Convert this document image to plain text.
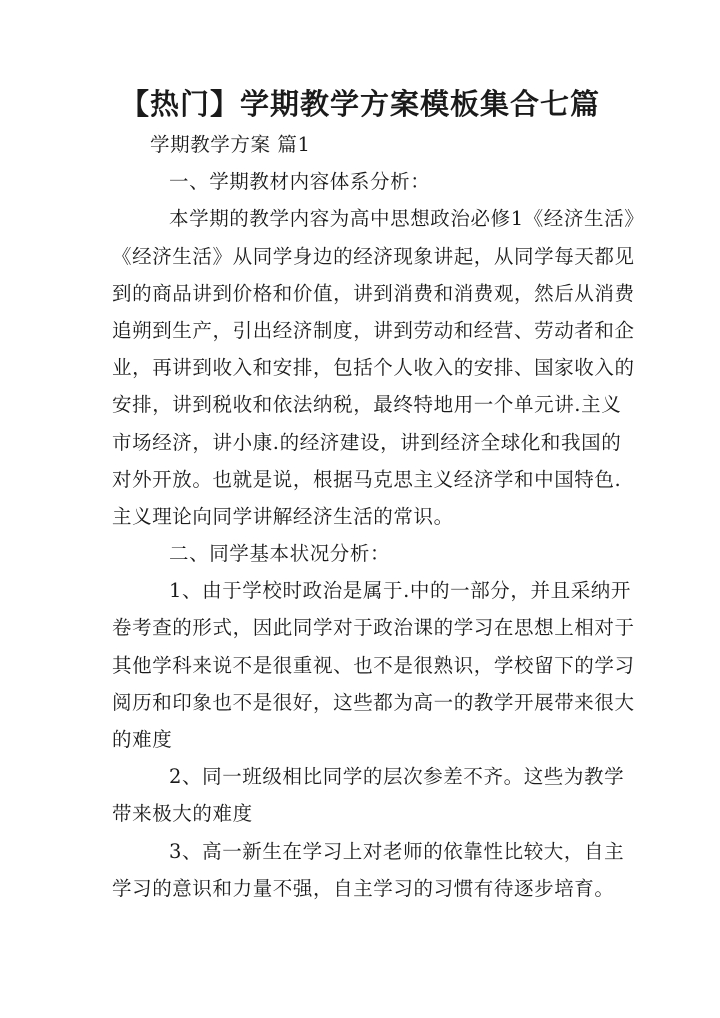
【热门】学期教学方案模板集合七篇
学期教学方案 篇1
一、学期教材内容体系分析：
本学期的教学内容为高中思想政治必修1《经济生活》
《经济生活》从同学身边的经济现象讲起，从同学每天都见
到的商品讲到价格和价值，讲到消费和消费观，然后从消费
追朔到生产，引出经济制度，讲到劳动和经营、劳动者和企
业，再讲到收入和安排，包括个人收入的安排、国家收入的
安排，讲到税收和依法纳税，最终特地用一个单元讲.主义
市场经济，讲小康.的经济建设，讲到经济全球化和我国的
对外开放。也就是说，根据马克思主义经济学和中国特色.
主义理论向同学讲解经济生活的常识。
二、同学基本状况分析：
1、由于学校时政治是属于.中的一部分，并且采纳开
卷考查的形式，因此同学对于政治课的学习在思想上相对于
其他学科来说不是很重视、也不是很熟识，学校留下的学习
阅历和印象也不是很好，这些都为高一的教学开展带来很大
的难度
2、同一班级相比同学的层次参差不齐。这些为教学
带来极大的难度
3、高一新生在学习上对老师的依靠性比较大，自主
学习的意识和力量不强，自主学习的习惯有待逐步培育。
